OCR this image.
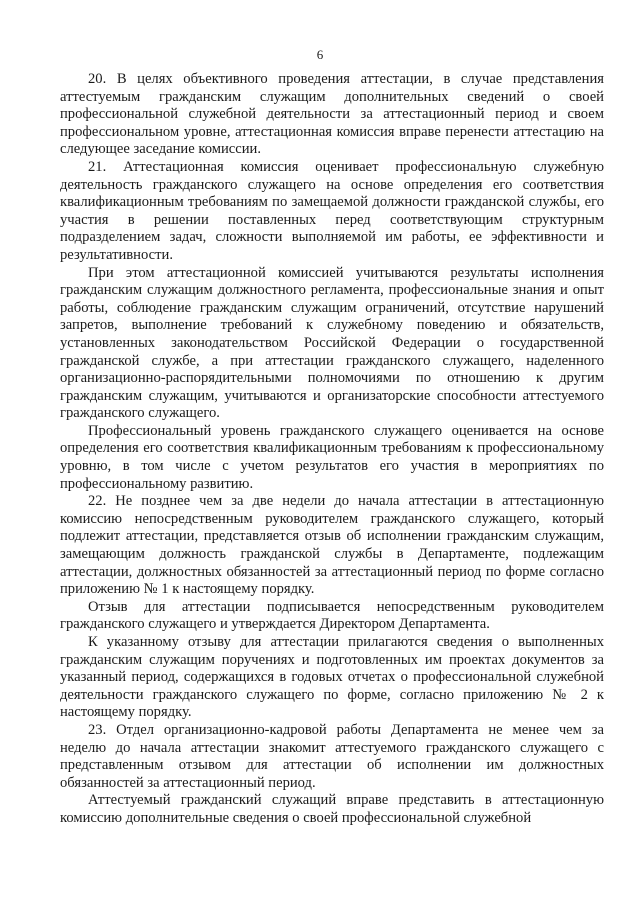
6

20. В целях объективного проведения аттестации, в случае представления аттестуемым гражданским служащим дополнительных сведений о своей профессиональной служебной деятельности за аттестационный период и своем профессиональном уровне, аттестационная комиссия вправе перенести аттестацию на следующее заседание комиссии.

21. Аттестационная комиссия оценивает профессиональную служебную деятельность гражданского служащего на основе определения его соответствия квалификационным требованиям по замещаемой должности гражданской службы, его участия в решении поставленных перед соответствующим структурным подразделением задач, сложности выполняемой им работы, ее эффективности и результативности.

При этом аттестационной комиссией учитываются результаты исполнения гражданским служащим должностного регламента, профессиональные знания и опыт работы, соблюдение гражданским служащим ограничений, отсутствие нарушений запретов, выполнение требований к служебному поведению и обязательств, установленных законодательством Российской Федерации о государственной гражданской службе, а при аттестации гражданского служащего, наделенного организационно-распорядительными полномочиями по отношению к другим гражданским служащим, учитываются и организаторские способности аттестуемого гражданского служащего.

Профессиональный уровень гражданского служащего оценивается на основе определения его соответствия квалификационным требованиям к профессиональному уровню, в том числе с учетом результатов его участия в мероприятиях по профессиональному развитию.

22. Не позднее чем за две недели до начала аттестации в аттестационную комиссию непосредственным руководителем гражданского служащего, который подлежит аттестации, представляется отзыв об исполнении гражданским служащим, замещающим должность гражданской службы в Департаменте, подлежащим аттестации, должностных обязанностей за аттестационный период по форме согласно приложению № 1 к настоящему порядку.

Отзыв для аттестации подписывается непосредственным руководителем гражданского служащего и утверждается Директором Департамента.

К указанному отзыву для аттестации прилагаются сведения о выполненных гражданским служащим поручениях и подготовленных им проектах документов за указанный период, содержащихся в годовых отчетах о профессиональной служебной деятельности гражданского служащего по форме, согласно приложению № 2 к настоящему порядку.

23. Отдел организационно-кадровой работы Департамента не менее чем за неделю до начала аттестации знакомит аттестуемого гражданского служащего с представленным отзывом для аттестации об исполнении им должностных обязанностей за аттестационный период.

Аттестуемый гражданский служащий вправе представить в аттестационную комиссию дополнительные сведения о своей профессиональной служебной
